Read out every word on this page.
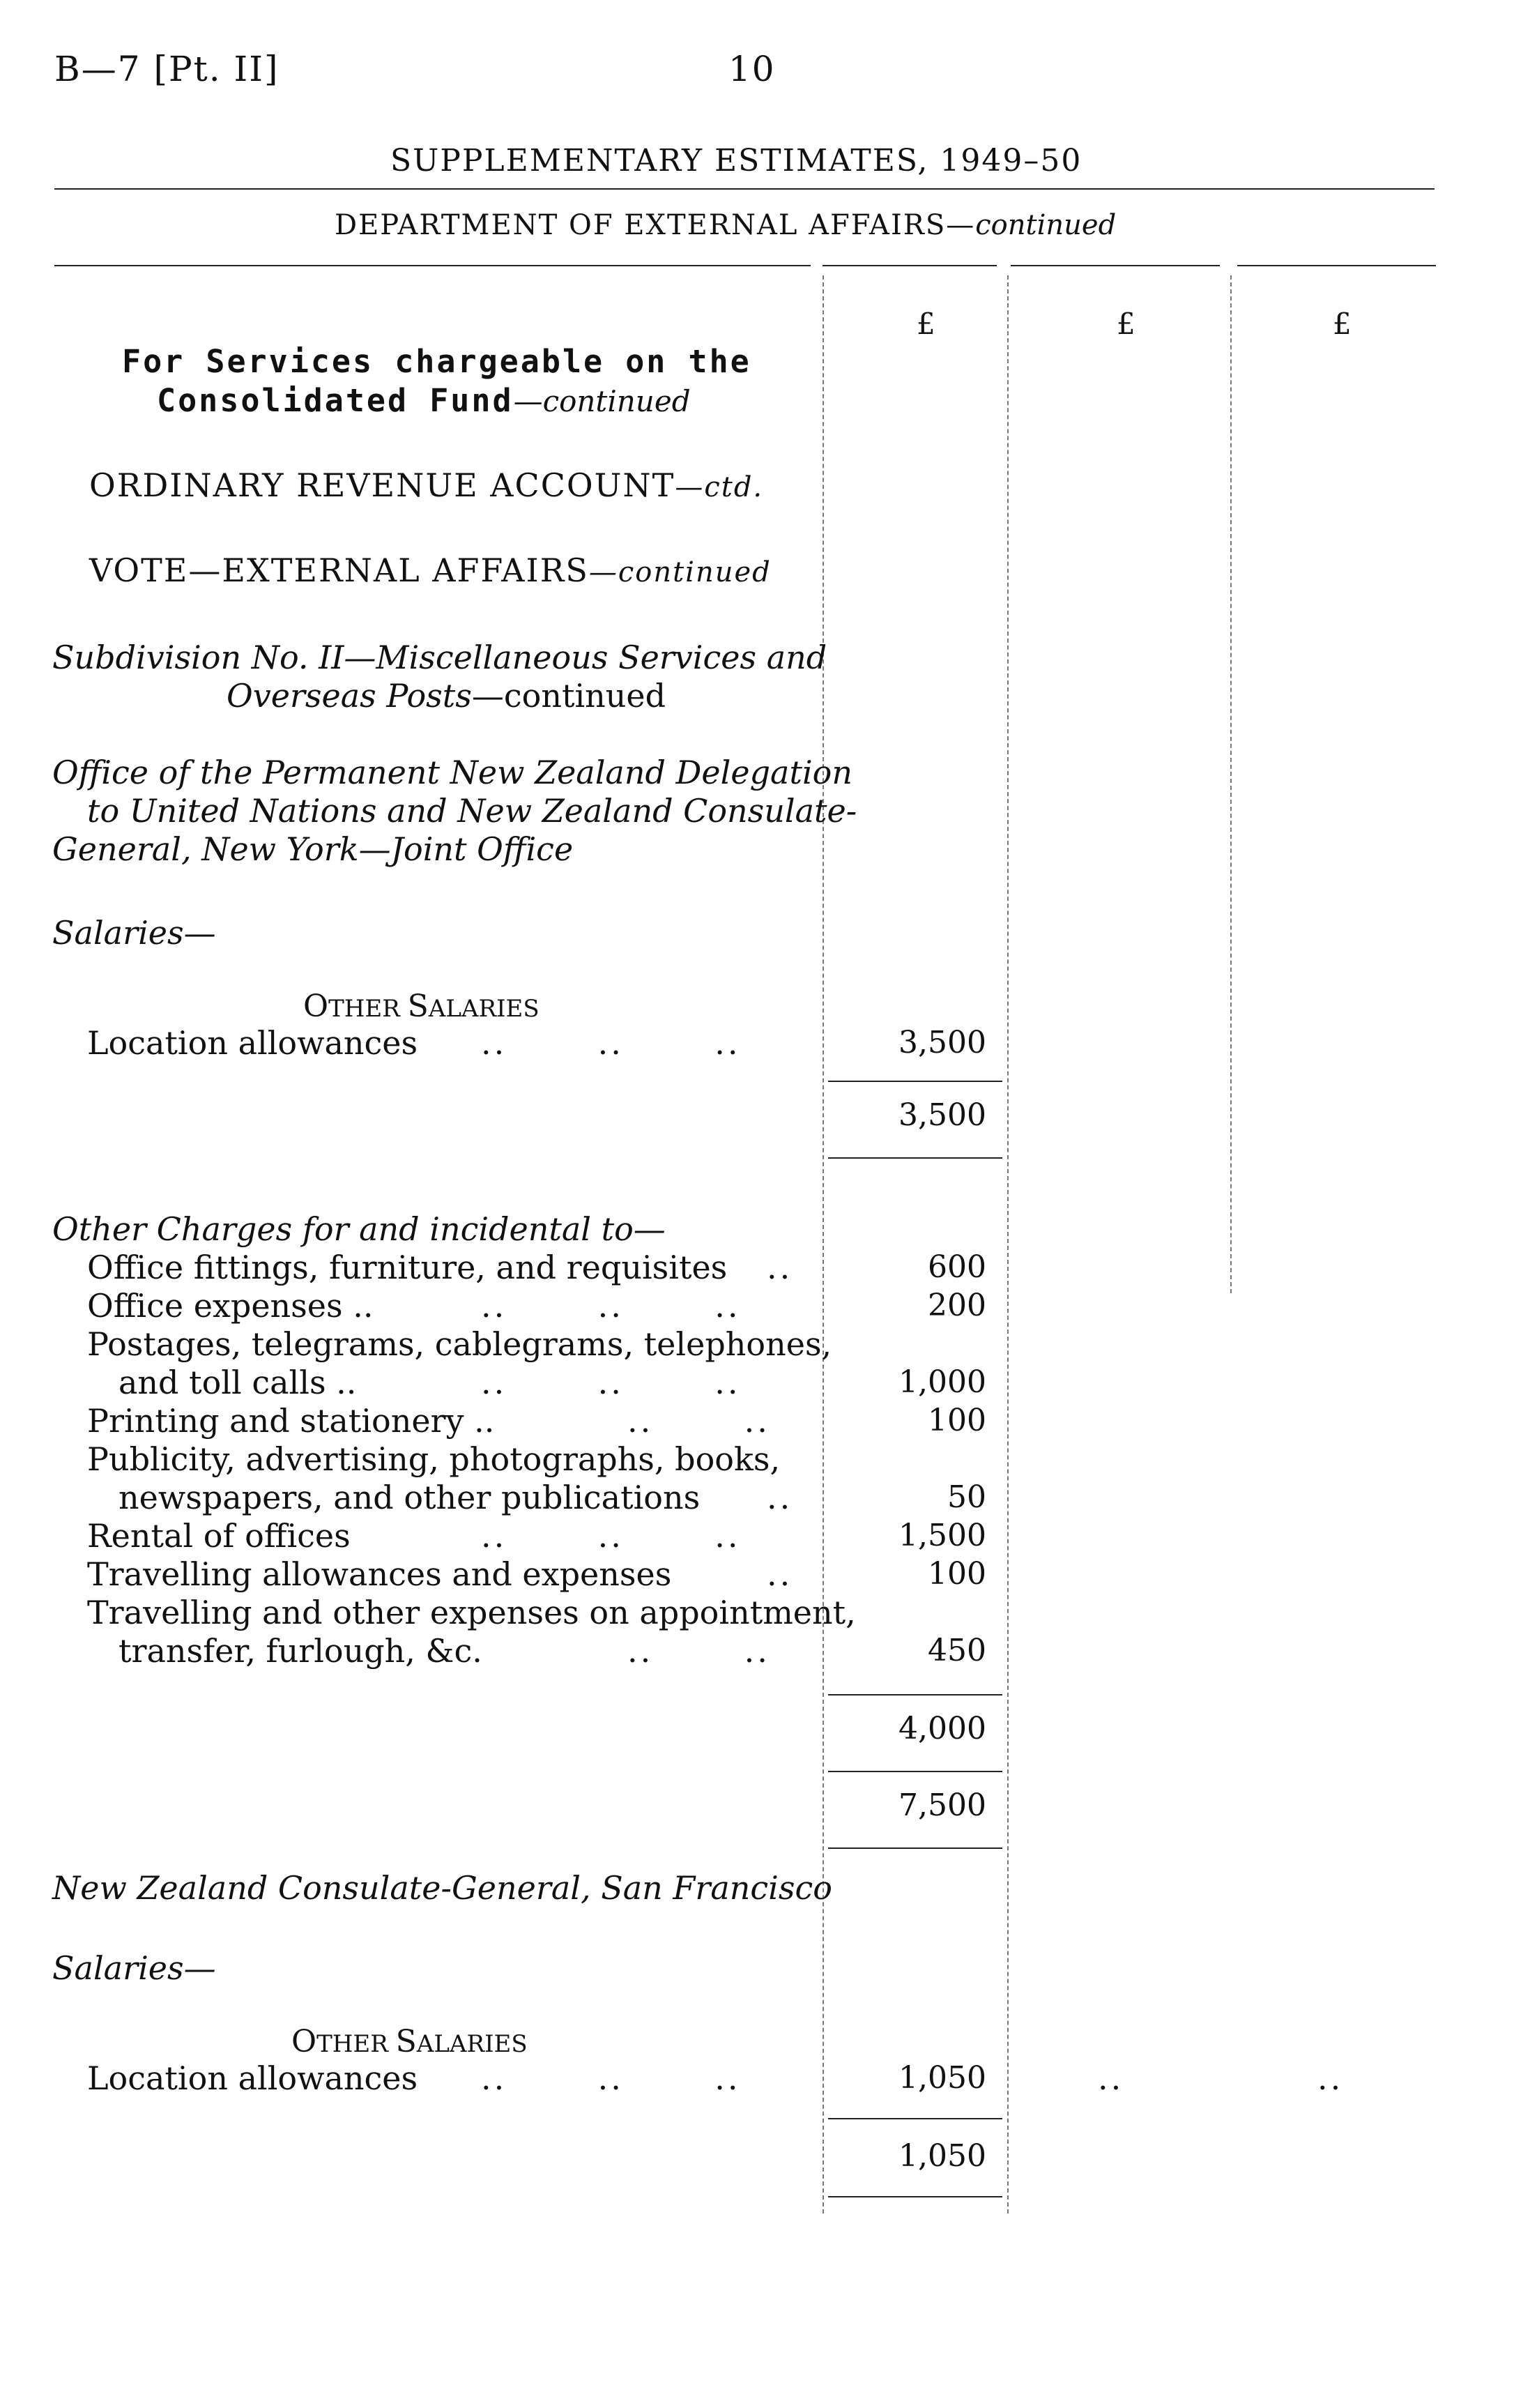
B—7 [Pt. II]	10
SUPPLEMENTARY ESTIMATES, 1949–50
DEPARTMENT OF EXTERNAL AFFAIRS—continued
£	£	£
For Services chargeable on the
Consolidated Fund—continued
ORDINARY REVENUE ACCOUNT—ctd.
VOTE—EXTERNAL AFFAIRS—continued
Subdivision No. II—Miscellaneous Services and
Overseas Posts—continued
Office of the Permanent New Zealand Delegation
to United Nations and New Zealand Consulate-
General, New York—Joint Office
Salaries—
OTHER SALARIES
Location allowances ..       ..       ..	3,500
3,500
Other Charges for and incidental to—
Office fittings, furniture, and requisites ..	600
Office expenses ..	..       ..       ..	200
Postages, telegrams, cablegrams, telephones,
and toll calls ..	..       ..       ..	1,000
Printing and stationery ..	..       ..	100
Publicity, advertising, photographs, books,
newspapers, and other publications ..	50
Rental of offices	..       ..       ..	1,500
Travelling allowances and expenses	..	100
Travelling and other expenses on appointment,
transfer, furlough, &c.	..       ..	450
4,000
7,500
New Zealand Consulate-General, San Francisco
Salaries—
OTHER SALARIES
Location allowances ..       ..       ..	1,050	..	..
1,050
